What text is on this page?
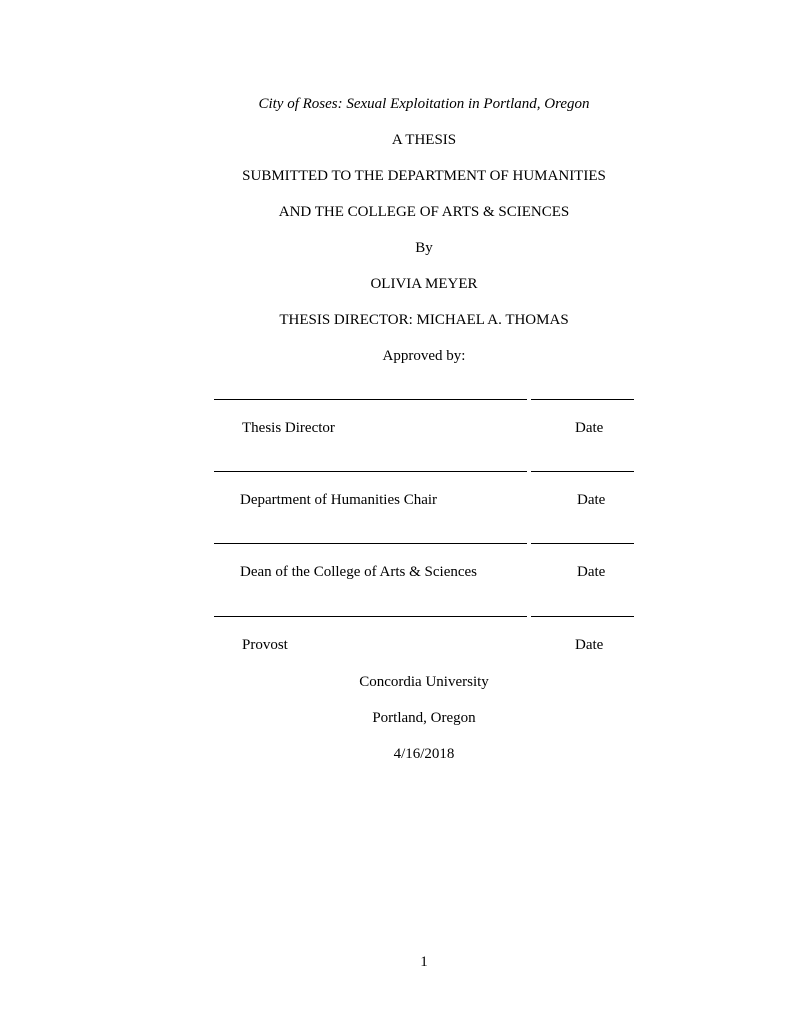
City of Roses: Sexual Exploitation in Portland, Oregon
A THESIS
SUBMITTED TO THE DEPARTMENT OF HUMANITIES
AND THE COLLEGE OF ARTS & SCIENCES
By
OLIVIA MEYER
THESIS DIRECTOR: MICHAEL A. THOMAS
Approved by:
Thesis Director	Date
Department of Humanities Chair	Date
Dean of the College of Arts & Sciences	Date
Provost	Date
Concordia University
Portland, Oregon
4/16/2018
1
